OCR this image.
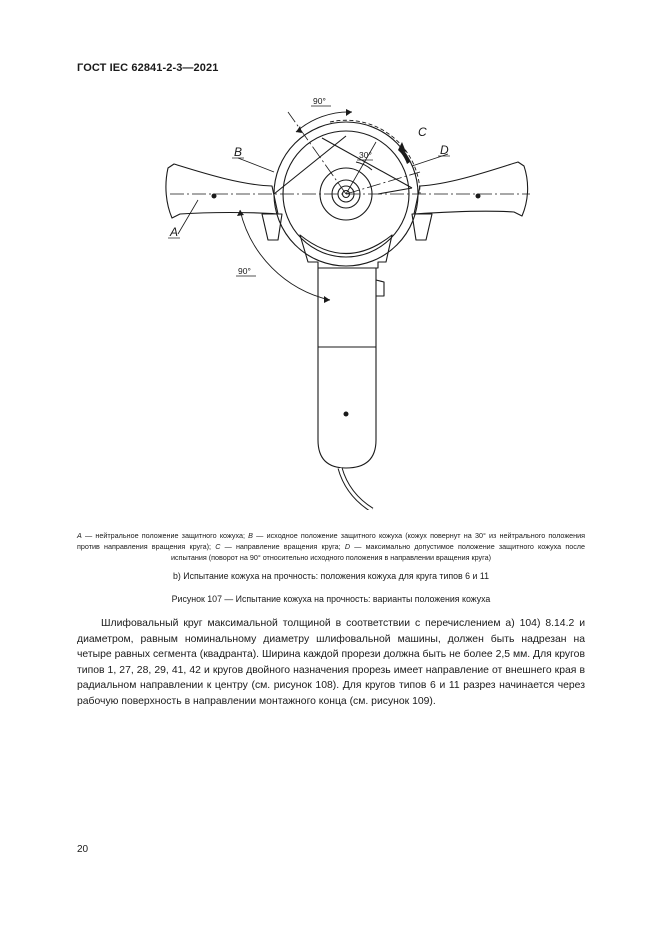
ГОСТ IEC 62841-2-3—2021
A
B
C
D
90°
30°
90°
A — нейтральное положение защитного кожуха; B — исходное положение защитного кожуха (кожух повернут на 30° из нейтрального положения против направления вращения круга); C — направление вращения круга; D — максимально допустимое положение защитного кожуха после испытания (поворот на 90° относительно исходного положения в направлении вращения круга)
b) Испытание кожуха на прочность: положения кожуха для круга типов 6 и 11
Рисунок 107 — Испытание кожуха на прочность: варианты положения кожуха

Шлифовальный круг максимальной толщиной в соответствии с перечислением а) 104) 8.14.2 и диаметром, равным номинальному диаметру шлифовальной машины, должен быть надрезан на четыре равных сегмента (квадранта). Ширина каждой прорези должна быть не более 2,5 мм. Для кругов типов 1, 27, 28, 29, 41, 42 и кругов двойного назначения прорезь имеет направление от внешнего края в радиальном направлении к центру (см. рисунок 108). Для кругов типов 6 и 11 разрез начинается через рабочую поверхность в направлении монтажного конца (см. рисунок 109).

20
